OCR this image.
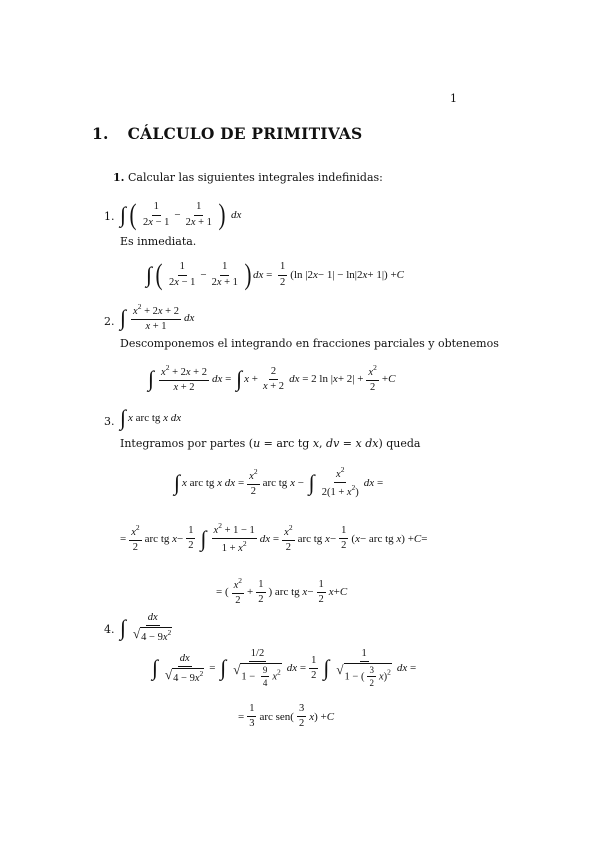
1
1. CÁLCULO DE PRIMITIVAS
1. Calcular las siguientes integrales indefinidas:
1. ∫ ( $\frac{1}{2x - 1} - \frac{1}{2x + 1}$ ) dx
Es inmediata.
∫ ( $\frac{1}{2x - 1} - \frac{1}{2x + 1}$ ) dx = $\frac{1}{2} (\ln$ |2 x − 1| − ln|2 x + 1|) + C
2. ∫ $\frac{x^2 + 2x + 2}{x + 1}$ dx
Descomponemos el integrando en fracciones parciales y obtenemos
∫ $\frac{x^2 + 2x + 2}{x + 2}$ dx = ∫ $x + \frac{2}{x + 2}$ dx = 2 ln | $x + 2| + \frac{x^2}{2} + C$
3. ∫ x arc tg x
dx
Integramos por partes (u = arc tg x, dv = x dx) queda
∫ x arc tg x
dx = $\frac{x^2}{2}$ arc tg x − ∫ $\frac{x^2}{2(1 + x^2)}$ dx =
= $\frac{x^2}{2}$ arc tg $x - \frac{1}{2}$ ∫ $\frac{x^2 + 1 - 1}{1 + x^2}$ dx = $\frac{x^2}{2}$ arc tg $x - \frac{1}{2}$ ( x − arc tg x ) + C =
= ( $\frac{x^2}{2} + \frac{1}{2}$ ) arc tg $x - \frac{1}{2}$ x + C
4. ∫ $\frac{dx}{√ 4 - 9x^2}$
∫ $\frac{dx}{√ 4 - 9x^2}$ = ∫ $\frac{1/2}{√ 1 - \frac{9}{4} x^2}$ dx = $\frac{1}{2}$ ∫ $\frac{1}{√ 1 - ( \frac{3}{2} x)^2}$ dx =
= $\frac{1}{3}$ arc $sen( \frac{3}{2}$ x ) + C
